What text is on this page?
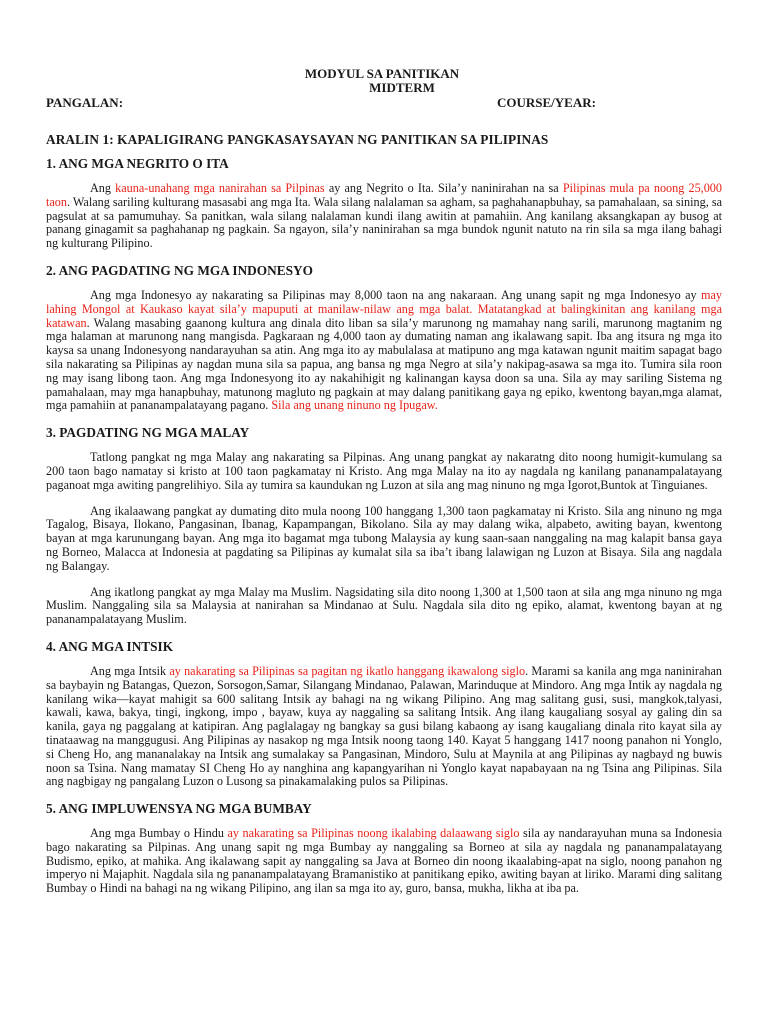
MODYUL SA PANITIKAN
MIDTERM
PANGALAN:	COURSE/YEAR:
ARALIN 1: KAPALIGIRANG PANGKASAYSAYAN NG PANITIKAN SA PILIPINAS
1. ANG MGA NEGRITO O ITA

Ang kauna-unahang mga nanirahan sa Pilpinas ay ang Negrito o Ita. Sila’y naninirahan na sa Pilipinas mula pa noong 25,000 taon. Walang sariling kulturang masasabi ang mga Ita. Wala silang nalalaman sa agham, sa paghahanapbuhay, sa pamahalaan, sa sining, sa pagsulat at sa pamumuhay. Sa panitkan, wala silang nalalaman kundi ilang awitin at pamahiin. Ang kanilang aksangkapan ay busog at panang ginagamit sa paghahanap ng pagkain. Sa ngayon, sila’y naninirahan sa mga bundok ngunit natuto na rin sila sa mga ilang bahagi ng kulturang Pilipino.

2. ANG PAGDATING NG MGA INDONESYO

Ang mga Indonesyo ay nakarating sa Pilipinas may 8,000 taon na ang nakaraan. Ang unang sapit ng mga Indonesyo ay may lahing Mongol at Kaukaso kayat sila’y mapuputi at manilaw-nilaw ang mga balat. Matatangkad at balingkinitan ang kanilang mga katawan. Walang masabing gaanong kultura ang dinala dito liban sa sila’y marunong ng mamahay nang sarili, marunong magtanim ng mga halaman at marunong nang mangisda. Pagkaraan ng 4,000 taon ay dumating naman ang ikalawang sapit. Iba ang itsura ng mga ito kaysa sa unang Indonesyong nandarayuhan sa atin. Ang mga ito ay mabulalasa at matipuno ang mga katawan ngunit maitim sapagat bago sila nakarating sa Pilipinas ay nagdan muna sila sa papua, ang bansa ng mga Negro at sila’y nakipag-asawa sa mga ito. Tumira sila roon ng may isang libong taon. Ang mga Indonesyong ito ay nakahihigit ng kalinangan kaysa doon sa una. Sila ay may sariling Sistema ng pamahalaan, may mga hanapbuhay, matunong magluto ng pagkain at may dalang panitikang gaya ng epiko, kwentong bayan,mga alamat, mga pamahiin at pananampalatayang pagano. Sila ang unang ninuno ng Ipugaw.

3. PAGDATING NG MGA MALAY

Tatlong pangkat ng mga Malay ang nakarating sa Pilpinas. Ang unang pangkat ay nakaratng dito noong humigit-kumulang sa 200 taon bago namatay si kristo at 100 taon pagkamatay ni Kristo. Ang mga Malay na ito ay nagdala ng kanilang pananampalatayang paganoat mga awiting pangrelihiyo. Sila ay tumira sa kaundukan ng Luzon at sila ang mag ninuno ng mga Igorot,Buntok at Tinguianes.

Ang ikalaawang pangkat ay dumating dito mula noong 100 hanggang 1,300 taon pagkamatay ni Kristo. Sila ang ninuno ng mga Tagalog, Bisaya, Ilokano, Pangasinan, Ibanag, Kapampangan, Bikolano. Sila ay may dalang wika, alpabeto, awiting bayan, kwentong bayan at mga karunungang bayan. Ang mga ito bagamat mga tubong Malaysia ay kung saan-saan nanggaling na mag kalapit bansa gaya ng Borneo, Malacca at Indonesia at pagdating sa Pilipinas ay kumalat sila sa iba’t ibang lalawigan ng Luzon at Bisaya. Sila ang nagdala ng Balangay.

Ang ikatlong pangkat ay mga Malay ma Muslim. Nagsidating sila dito noong 1,300 at 1,500 taon at sila ang mga ninuno ng mga Muslim. Nanggaling sila sa Malaysia at nanirahan sa Mindanao at Sulu. Nagdala sila dito ng epiko, alamat, kwentong bayan at ng pananampalatayang Muslim.

4. ANG MGA INTSIK

Ang mga Intsik ay nakarating sa Pilipinas sa pagitan ng ikatlo hanggang ikawalong siglo. Marami sa kanila ang mga naninirahan sa baybayin ng Batangas, Quezon, Sorsogon,Samar, Silangang Mindanao, Palawan, Marinduque at Mindoro. Ang mga Intik ay nagdala ng kanilang wika—kayat mahigit sa 600 salitang Intsik ay bahagi na ng wikang Pilipino. Ang mag salitang gusi, susi, mangkok,talyasi, kawali, kawa, bakya, tingi, ingkong, impo , bayaw, kuya ay naggaling sa salitang Intsik. Ang ilang kaugaliang sosyal ay galing din sa kanila, gaya ng paggalang at katipiran. Ang paglalagay ng bangkay sa gusi bilang kabaong ay isang kaugaliang dinala rito kayat sila ay tinataawag na manggugusi. Ang Pilipinas ay nasakop ng mga Intsik noong taong 140. Kayat 5 hanggang 1417 noong panahon ni Yonglo, si Cheng Ho, ang mananalakay na Intsik ang sumalakay sa Pangasinan, Mindoro, Sulu at Maynila at ang Pilipinas ay nagbayd ng buwis noon sa Tsina. Nang mamatay SI Cheng Ho ay nanghina ang kapangyarihan ni Yonglo kayat napabayaan na ng Tsina ang Pilipinas. Sila ang nagbigay ng pangalang Luzon o Lusong sa pinakamalaking pulos sa Pilipinas.

5. ANG IMPLUWENSYA NG MGA BUMBAY

Ang mga Bumbay o Hindu ay nakarating sa Pilipinas noong ikalabing dalaawang siglo sila ay nandarayuhan muna sa Indonesia bago nakarating sa Pilpinas. Ang unang sapit ng mga Bumbay ay nanggaling sa Borneo at sila ay nagdala ng pananampalatayang Budismo, epiko, at mahika. Ang ikalawang sapit ay nanggaling sa Java at Borneo din noong ikaalabing-apat na siglo, noong panahon ng imperyo ni Majaphit. Nagdala sila ng pananampalatayang Bramanistiko at panitikang epiko, awiting bayan at liriko. Marami ding salitang Bumbay o Hindi na bahagi na ng wikang Pilipino, ang ilan sa mga ito ay, guro, bansa, mukha, likha at iba pa.
